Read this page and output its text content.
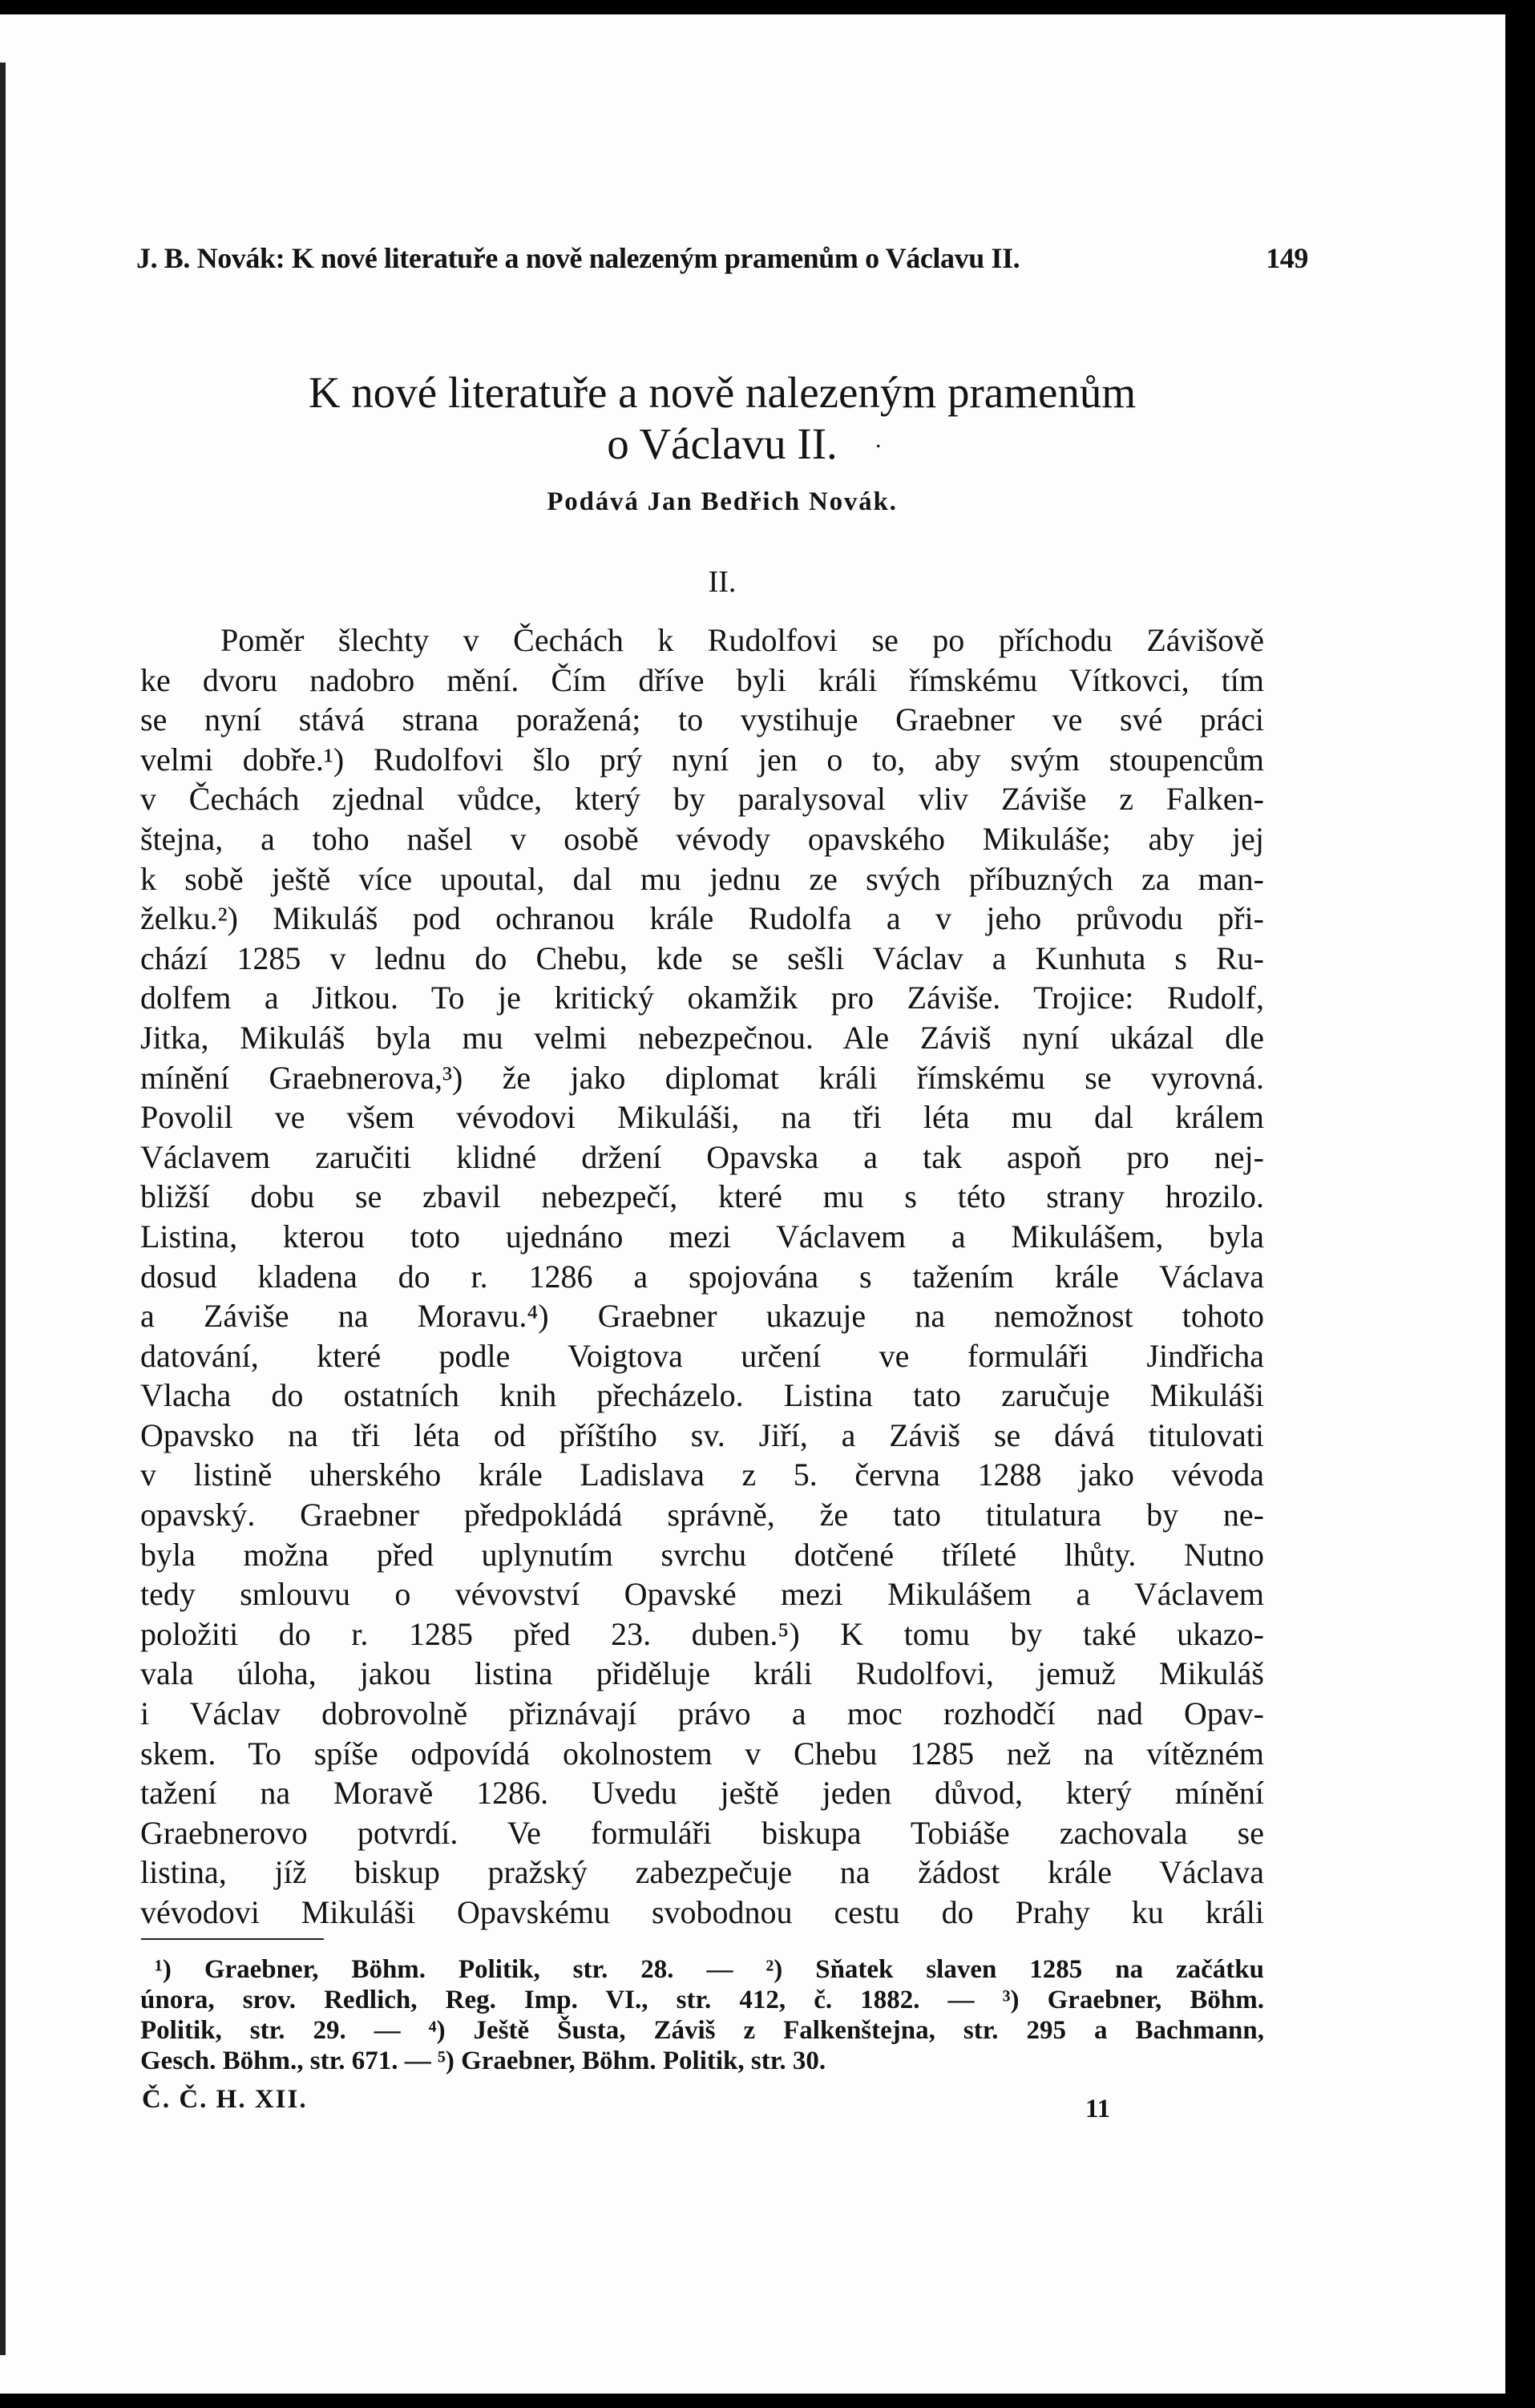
J. B. Novák: K nové literatuře a nově nalezeným pramenům o Václavu II.	149
K nové literatuře a nově nalezeným pramenům
o Václavu II.	.
Podává Jan Bedřich Novák.
II.
Poměr šlechty v Čechách k Rudolfovi se po příchodu Závišově
ke dvoru nadobro mění. Čím dříve byli králi římskému Vítkovci, tím
se nyní stává strana poražená; to vystihuje Graebner ve své práci
velmi dobře.¹) Rudolfovi šlo prý nyní jen o to, aby svým stoupencům
v Čechách zjednal vůdce, který by paralysoval vliv Záviše z Falken-
štejna, a toho našel v osobě vévody opavského Mikuláše; aby jej
k sobě ještě více upoutal, dal mu jednu ze svých příbuzných za man-
želku.²) Mikuláš pod ochranou krále Rudolfa a v jeho průvodu při-
chází 1285 v lednu do Chebu, kde se sešli Václav a Kunhuta s Ru-
dolfem a Jitkou. To je kritický okamžik pro Záviše. Trojice: Rudolf,
Jitka, Mikuláš byla mu velmi nebezpečnou. Ale Záviš nyní ukázal dle
mínění Graebnerova,³) že jako diplomat králi římskému se vyrovná.
Povolil ve všem vévodovi Mikuláši, na tři léta mu dal králem
Václavem zaručiti klidné držení Opavska a tak aspoň pro nej-
bližší dobu se zbavil nebezpečí, které mu s této strany hrozilo.
Listina, kterou toto ujednáno mezi Václavem a Mikulášem, byla
dosud kladena do r. 1286 a spojována s tažením krále Václava
a Záviše na Moravu.⁴) Graebner ukazuje na nemožnost tohoto
datování, které podle Voigtova určení ve formuláři Jindřicha
Vlacha do ostatních knih přecházelo. Listina tato zaručuje Mikuláši
Opavsko na tři léta od příštího sv. Jiří, a Záviš se dává titulovati
v listině uherského krále Ladislava z 5. června 1288 jako vévoda
opavský. Graebner předpokládá správně, že tato titulatura by ne-
byla možna před uplynutím svrchu dotčené tříleté lhůty. Nutno
tedy smlouvu o vévovství Opavské mezi Mikulášem a Václavem
položiti do r. 1285 před 23. duben.⁵) K tomu by také ukazo-
vala úloha, jakou listina přiděluje králi Rudolfovi, jemuž Mikuláš
i Václav dobrovolně přiznávají právo a moc rozhodčí nad Opav-
skem. To spíše odpovídá okolnostem v Chebu 1285 než na vítězném
tažení na Moravě 1286. Uvedu ještě jeden důvod, který mínění
Graebnerovo potvrdí. Ve formuláři biskupa Tobiáše zachovala se
listina, jíž biskup pražský zabezpečuje na žádost krále Václava
vévodovi Mikuláši Opavskému svobodnou cestu do Prahy ku králi
¹) Graebner, Böhm. Politik, str. 28. — ²) Sňatek slaven 1285 na začátku
února, srov. Redlich, Reg. Imp. VI., str. 412, č. 1882. — ³) Graebner, Böhm.
Politik, str. 29. — ⁴) Ještě Šusta, Záviš z Falkenštejna, str. 295 a Bachmann,
Gesch. Böhm., str. 671. — ⁵) Graebner, Böhm. Politik, str. 30.
Č. Č. H. XII.	11
